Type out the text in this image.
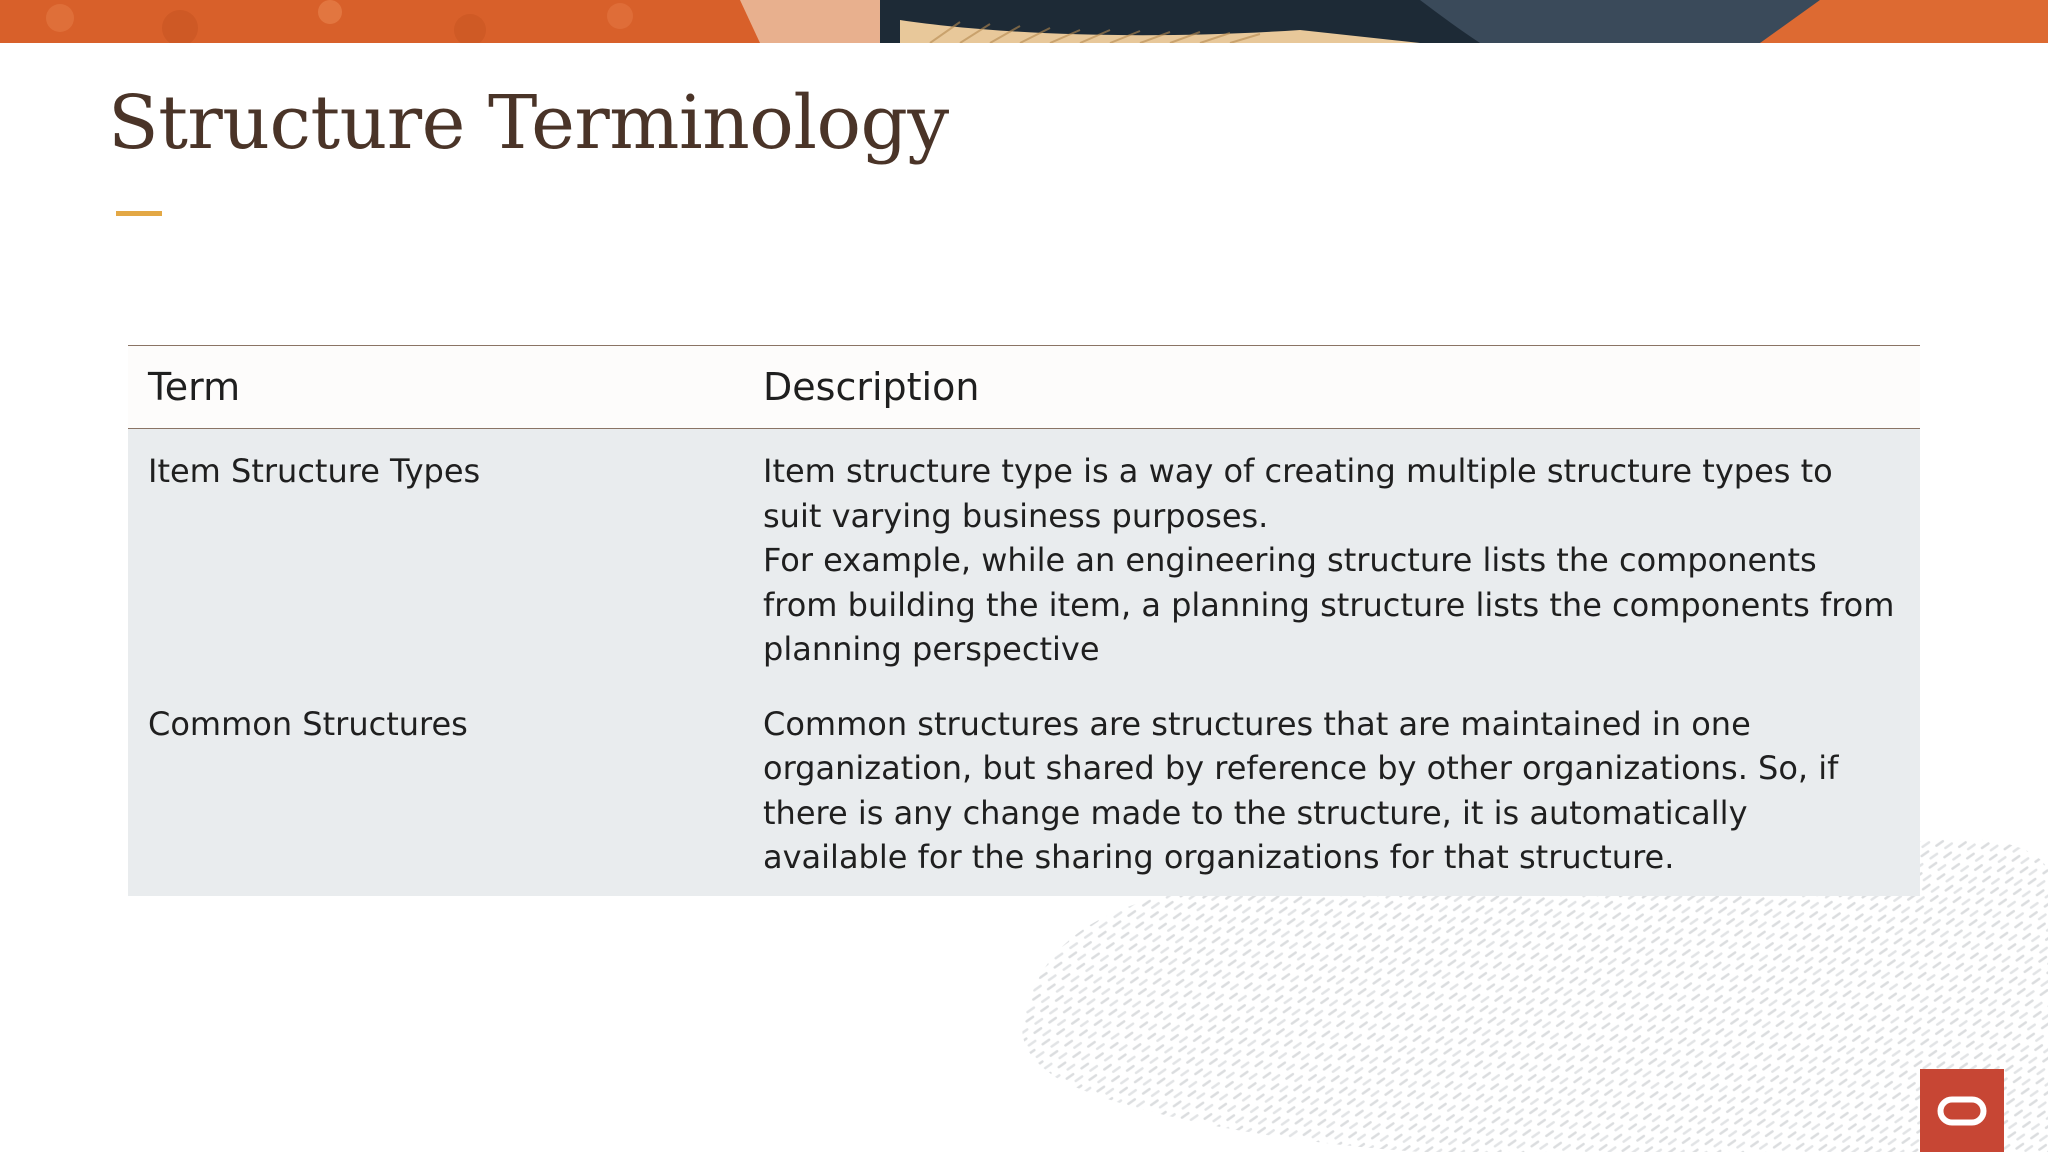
Structure Terminology
Term	Description
Item Structure Types	Item structure type is a way of creating multiple structure types to suit varying business purposes.

For example, while an engineering structure lists the components from building the item, a planning structure lists the components from planning perspective

Common Structures	Common structures are structures that are maintained in one organization, but shared by reference by other organizations. So, if there is any change made to the structure, it is automatically available for the sharing organizations for that structure.
